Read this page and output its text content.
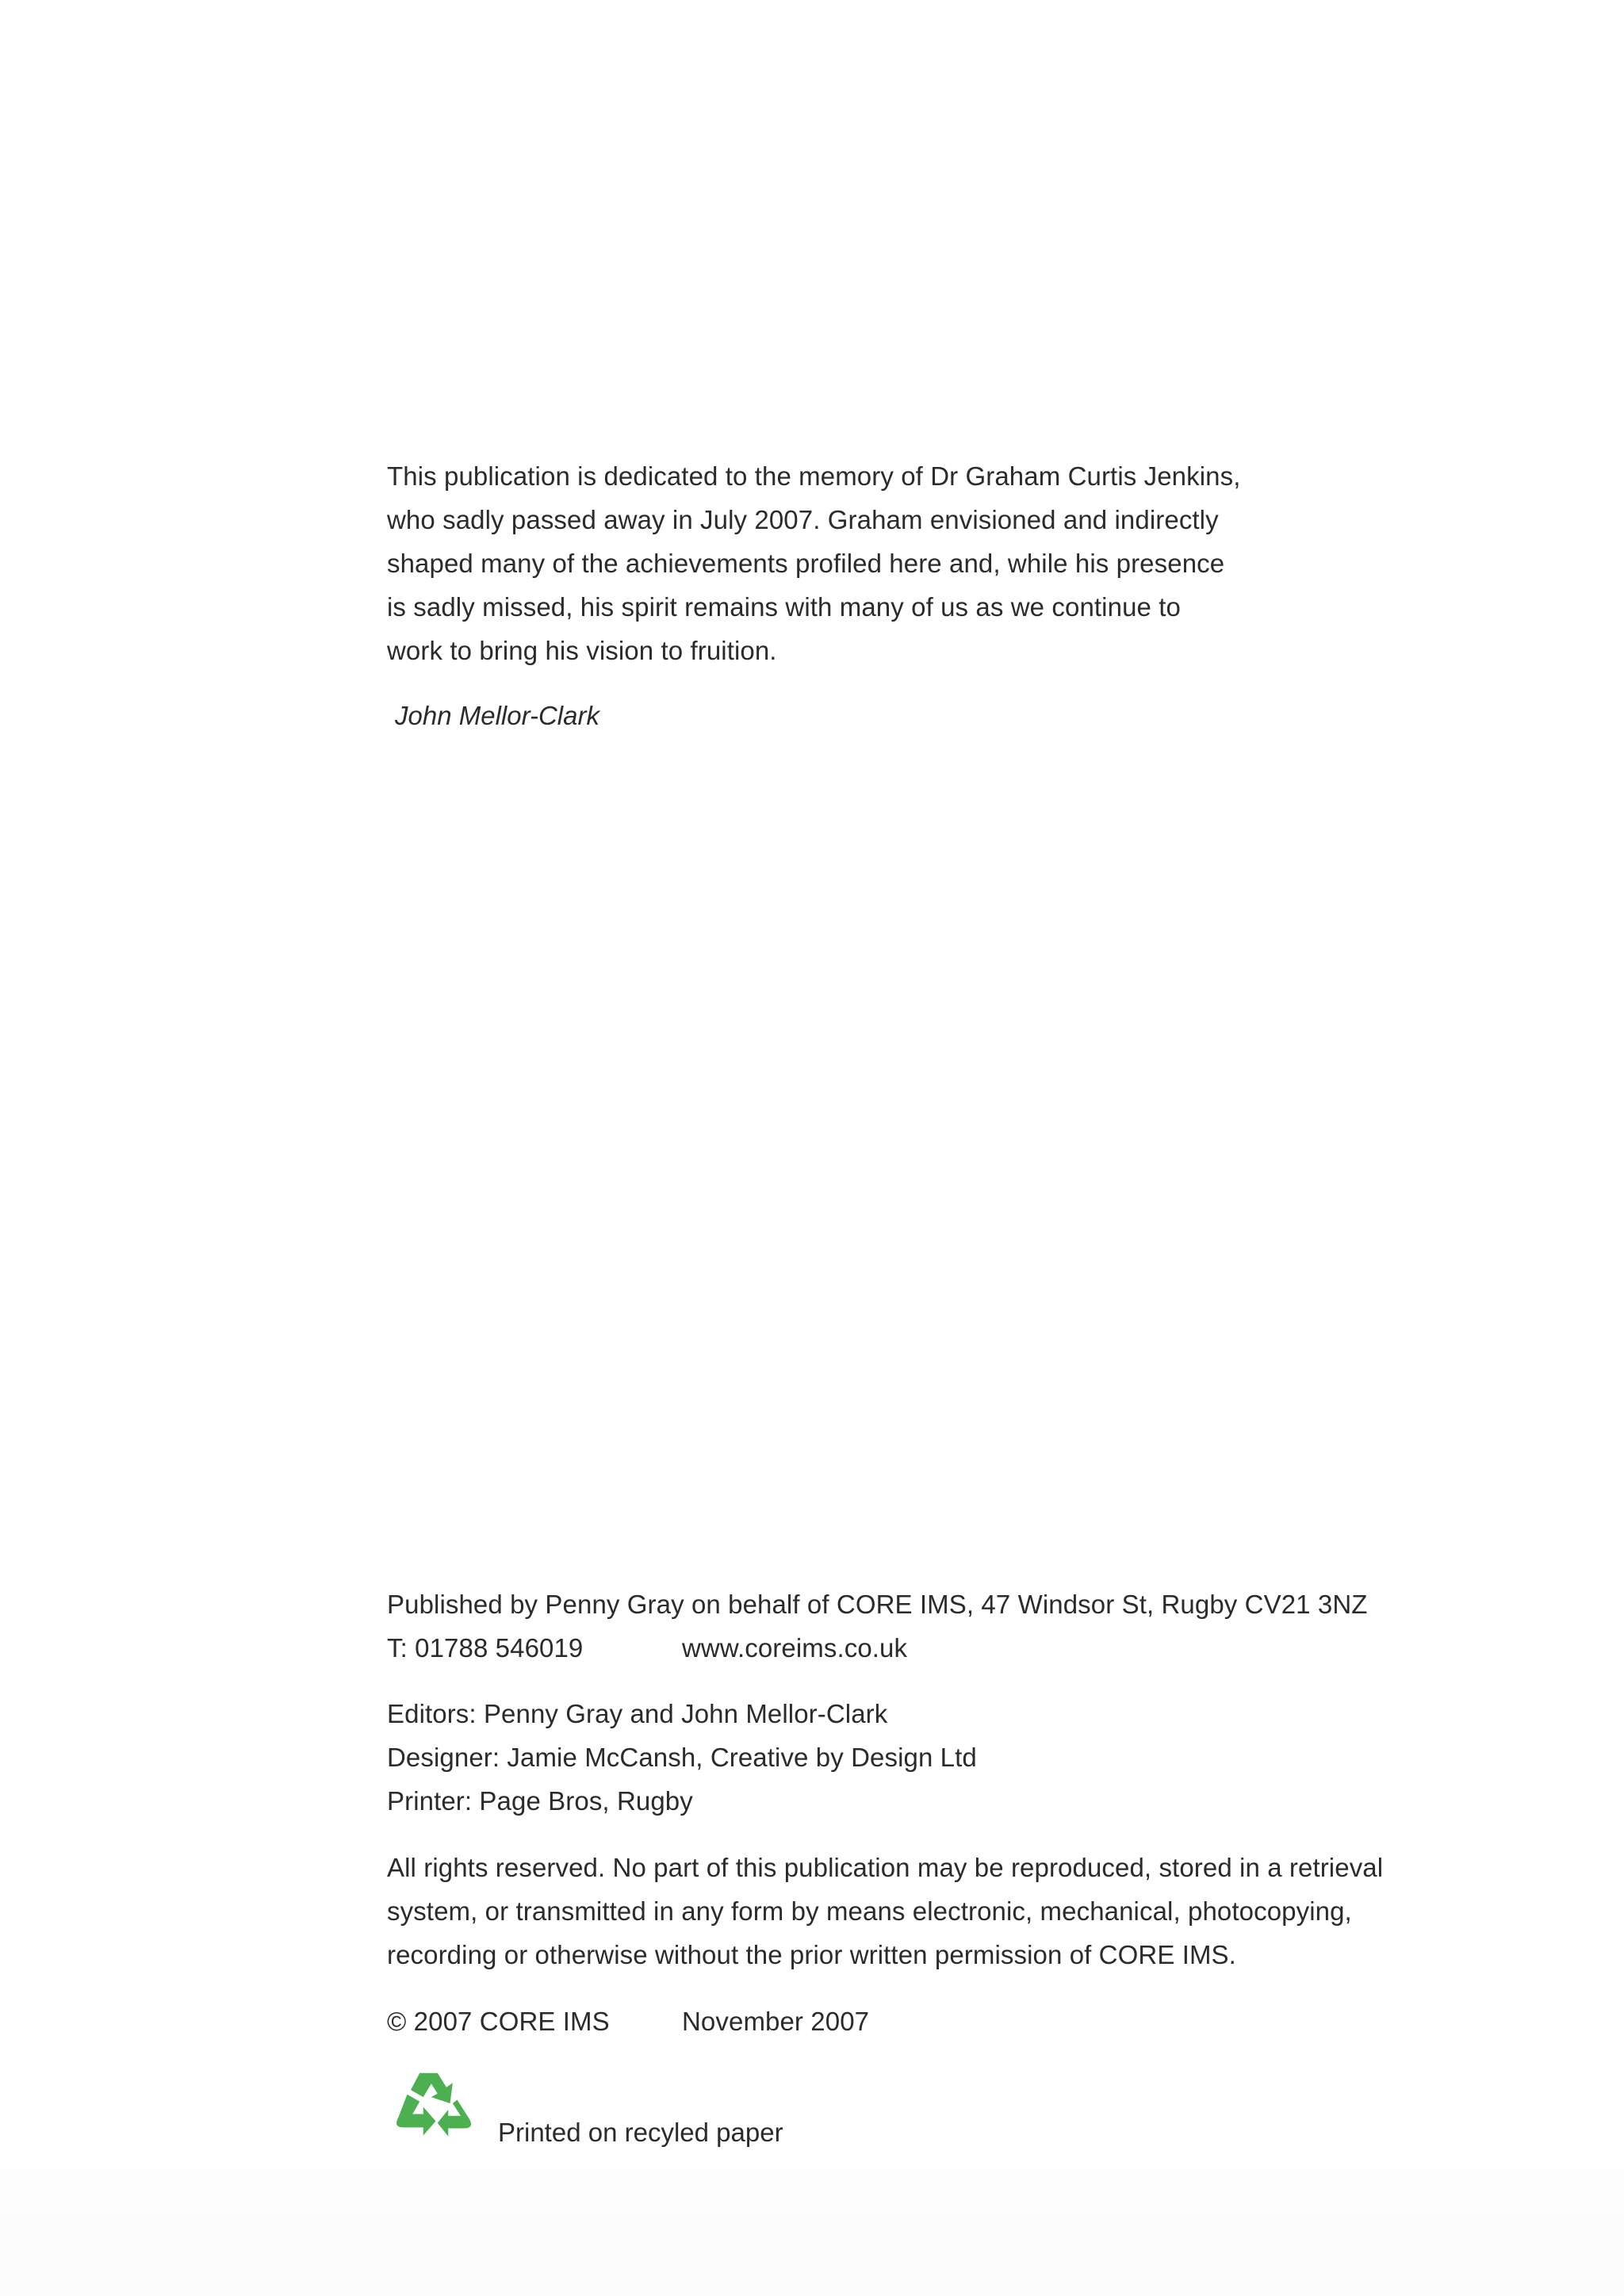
This publication is dedicated to the memory of Dr Graham Curtis Jenkins,
who sadly passed away in July 2007. Graham envisioned and indirectly
shaped many of the achievements profiled here and, while his presence
is sadly missed, his spirit remains with many of us as we continue to
work to bring his vision to fruition.
John Mellor-Clark
Published by Penny Gray on behalf of CORE IMS, 47 Windsor St, Rugby CV21 3NZ
T: 01788 546019	www.coreims.co.uk
Editors: Penny Gray and John Mellor-Clark
Designer: Jamie McCansh, Creative by Design Ltd
Printer: Page Bros, Rugby
All rights reserved. No part of this publication may be reproduced, stored in a retrieval
system, or transmitted in any form by means electronic, mechanical, photocopying,
recording or otherwise without the prior written permission of CORE IMS.
© 2007 CORE IMS	November 2007
Printed on recyled paper
